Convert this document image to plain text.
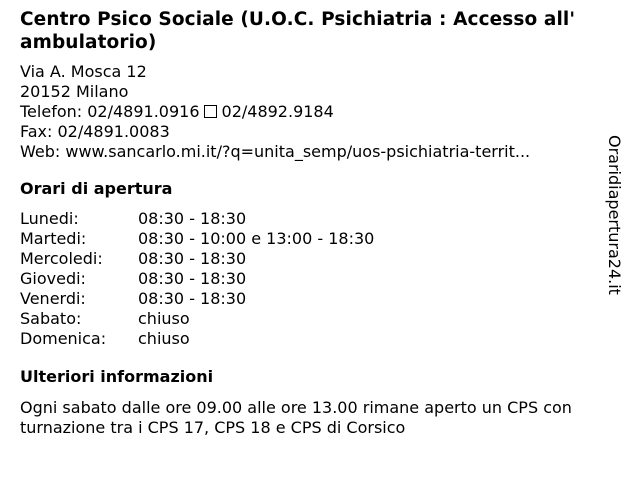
Centro Psico Sociale (U.O.C. Psichiatria : Accesso all' ambulatorio)
Via A. Mosca 12
20152 Milano
Telefon: 02/4891.0916 02/4892.9184
Fax: 02/4891.0083
Web: www.sancarlo.mi.it/?q=unita_semp/uos-psichiatria-territ...
Orari di apertura
Lunedi:	08:30 - 18:30
Martedi:	08:30 - 10:00 e 13:00 - 18:30
Mercoledi:	08:30 - 18:30
Giovedi:	08:30 - 18:30
Venerdi:	08:30 - 18:30
Sabato:	chiuso
Domenica:	chiuso
Ulteriori informazioni
Ogni sabato dalle ore 09.00 alle ore 13.00 rimane aperto un CPS con turnazione tra i CPS 17, CPS 18 e CPS di Corsico
Oraridiapertura24.it
